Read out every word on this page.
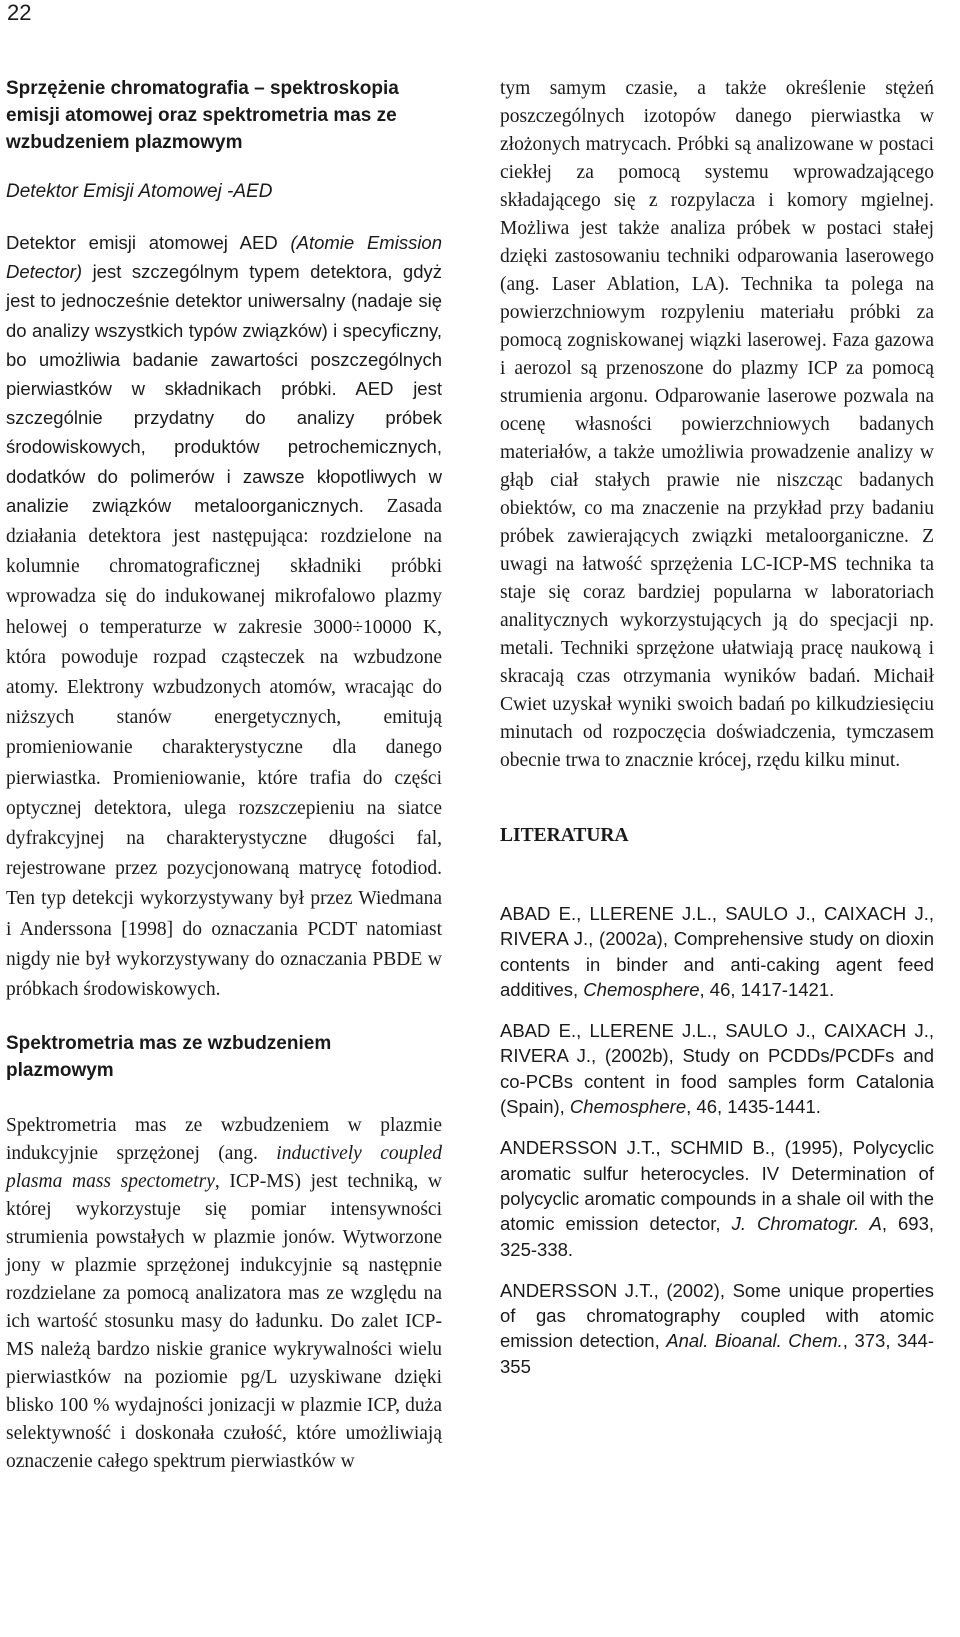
22
Sprzężenie chromatografia – spektroskopia emisji atomowej oraz spektrometria mas ze wzbudzeniem plazmowym
Detektor Emisji Atomowej -AED

Detektor emisji atomowej AED (Atomie Emission Detector) jest szczególnym typem detektora, gdyż jest to jednocześnie detektor uniwersalny (nadaje się do analizy wszystkich typów związków) i specyficzny, bo umożliwia badanie zawartości poszczególnych pierwiastków w składnikach próbki. AED jest szczególnie przydatny do analizy próbek środowiskowych, produktów petrochemicznych, dodatków do polimerów i zawsze kłopotliwych w analizie związków metaloorganicznych. Zasada działania detektora jest następująca: rozdzielone na kolumnie chromatograficznej składniki próbki wprowadza się do indukowanej mikrofalowo plazmy helowej o temperaturze w zakresie 3000÷10000 K, która powoduje rozpad cząsteczek na wzbudzone atomy. Elektrony wzbudzonych atomów, wracając do niższych stanów energetycznych, emitują promieniowanie charakterystyczne dla danego pierwiastka. Promieniowanie, które trafia do części optycznej detektora, ulega rozszczepieniu na siatce dyfrakcyjnej na charakterystyczne długości fal, rejestrowane przez pozycjonowaną matrycę fotodiod. Ten typ detekcji wykorzystywany był przez Wiedmana i Anderssona [1998] do oznaczania PCDT natomiast nigdy nie był wykorzystywany do oznaczania PBDE w próbkach środowiskowych.

Spektrometria mas ze wzbudzeniem plazmowym

Spektrometria mas ze wzbudzeniem w plazmie indukcyjnie sprzężonej (ang. inductively coupled plasma mass spectometry, ICP-MS) jest techniką, w której wykorzystuje się pomiar intensywności strumienia powstałych w plazmie jonów. Wytworzone jony w plazmie sprzężonej indukcyjnie są następnie rozdzielane za pomocą analizatora mas ze względu na ich wartość stosunku masy do ładunku. Do zalet ICP-MS należą bardzo niskie granice wykrywalności wielu pierwiastków na poziomie pg/L uzyskiwane dzięki blisko 100 % wydajności jonizacji w plazmie ICP, duża selektywność i doskonała czułość, które umożliwiają oznaczenie całego spektrum pierwiastków w

tym samym czasie, a także określenie stężeń poszczególnych izotopów danego pierwiastka w złożonych matrycach. Próbki są analizowane w postaci ciekłej za pomocą systemu wprowadzającego składającego się z rozpylacza i komory mgielnej. Możliwa jest także analiza próbek w postaci stałej dzięki zastosowaniu techniki odparowania laserowego (ang. Laser Ablation, LA). Technika ta polega na powierzchniowym rozpyleniu materiału próbki za pomocą zogniskowanej wiązki laserowej. Faza gazowa i aerozol są przenoszone do plazmy ICP za pomocą strumienia argonu. Odparowanie laserowe pozwala na ocenę własności powierzchniowych badanych materiałów, a także umożliwia prowadzenie analizy w głąb ciał stałych prawie nie niszcząc badanych obiektów, co ma znaczenie na przykład przy badaniu próbek zawierających związki metaloorganiczne. Z uwagi na łatwość sprzężenia LC-ICP-MS technika ta staje się coraz bardziej popularna w laboratoriach analitycznych wykorzystujących ją do specjacji np. metali. Techniki sprzężone ułatwiają pracę naukową i skracają czas otrzymania wyników badań. Michaił Cwiet uzyskał wyniki swoich badań po kilkudziesięciu minutach od rozpoczęcia doświadczenia, tymczasem obecnie trwa to znacznie krócej, rzędu kilku minut.

LITERATURA

ABAD E., LLERENE J.L., SAULO J., CAIXACH J., RIVERA J., (2002a), Comprehensive study on dioxin contents in binder and anti-caking agent feed additives, Chemosphere, 46, 1417-1421.

ABAD E., LLERENE J.L., SAULO J., CAIXACH J., RIVERA J., (2002b), Study on PCDDs/PCDFs and co-PCBs content in food samples form Catalonia (Spain), Chemosphere, 46, 1435-1441.

ANDERSSON J.T., SCHMID B., (1995), Polycyclic aromatic sulfur heterocycles. IV Determination of polycyclic aromatic compounds in a shale oil with the atomic emission detector, J. Chromatogr. A, 693, 325-338.

ANDERSSON J.T., (2002), Some unique properties of gas chromatography coupled with atomic emission detection, Anal. Bioanal. Chem., 373, 344-355
